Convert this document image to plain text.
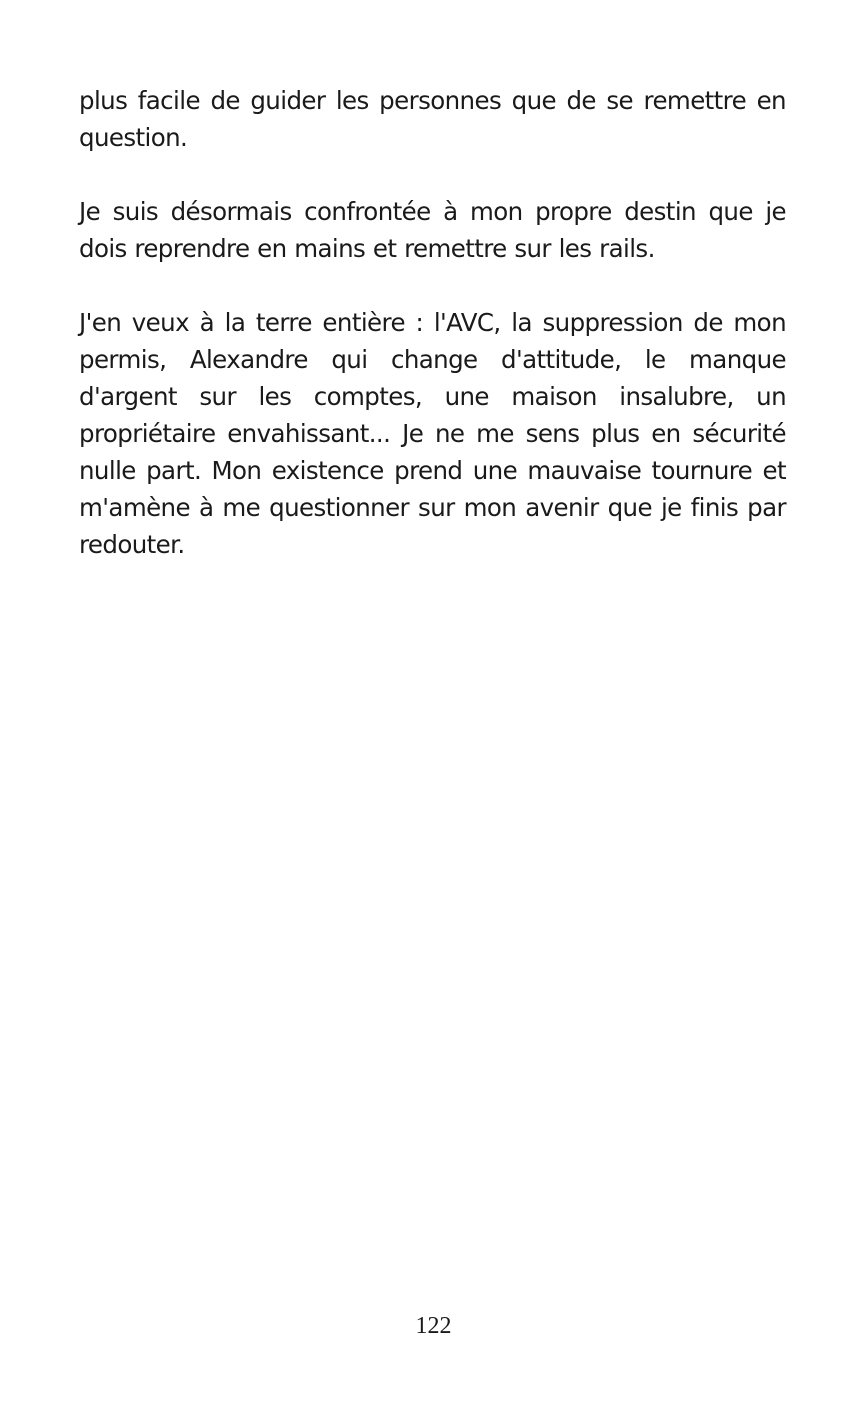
plus facile de guider les personnes que de se remettre en question.

Je suis désormais confrontée à mon propre destin que je dois reprendre en mains et remettre sur les rails.

J'en veux à la terre entière : l'AVC, la suppression de mon permis, Alexandre qui change d'attitude, le manque d'argent sur les comptes, une maison insalubre, un propriétaire envahissant... Je ne me sens plus en sécurité nulle part. Mon existence prend une mauvaise tournure et m'amène à me questionner sur mon avenir que je finis par redouter.

122
